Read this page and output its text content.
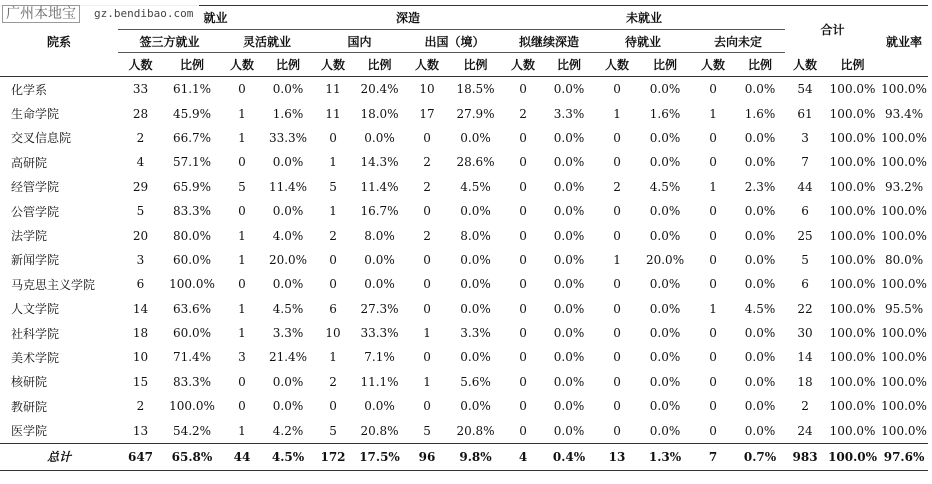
广州本地宝	gz.bendibao.com
院系	就业				深造				未就业						合计		就业率
	签三方就业		灵活就业		国内		出国（境）		拟继续深造		待就业		去向未定				
	人数	比例	人数	比例	人数	比例	人数	比例	人数	比例	人数	比例	人数	比例	人数	比例	
化学系	33	61.1%	0	0.0%	11	20.4%	10	18.5%	0	0.0%	0	0.0%	0	0.0%	54	100.0%	100.0%
生命学院	28	45.9%	1	1.6%	11	18.0%	17	27.9%	2	3.3%	1	1.6%	1	1.6%	61	100.0%	93.4%
交叉信息院	2	66.7%	1	33.3%	0	0.0%	0	0.0%	0	0.0%	0	0.0%	0	0.0%	3	100.0%	100.0%
高研院	4	57.1%	0	0.0%	1	14.3%	2	28.6%	0	0.0%	0	0.0%	0	0.0%	7	100.0%	100.0%
经管学院	29	65.9%	5	11.4%	5	11.4%	2	4.5%	0	0.0%	2	4.5%	1	2.3%	44	100.0%	93.2%
公管学院	5	83.3%	0	0.0%	1	16.7%	0	0.0%	0	0.0%	0	0.0%	0	0.0%	6	100.0%	100.0%
法学院	20	80.0%	1	4.0%	2	8.0%	2	8.0%	0	0.0%	0	0.0%	0	0.0%	25	100.0%	100.0%
新闻学院	3	60.0%	1	20.0%	0	0.0%	0	0.0%	0	0.0%	1	20.0%	0	0.0%	5	100.0%	80.0%
马克思主义学院	6	100.0%	0	0.0%	0	0.0%	0	0.0%	0	0.0%	0	0.0%	0	0.0%	6	100.0%	100.0%
人文学院	14	63.6%	1	4.5%	6	27.3%	0	0.0%	0	0.0%	0	0.0%	1	4.5%	22	100.0%	95.5%
社科学院	18	60.0%	1	3.3%	10	33.3%	1	3.3%	0	0.0%	0	0.0%	0	0.0%	30	100.0%	100.0%
美术学院	10	71.4%	3	21.4%	1	7.1%	0	0.0%	0	0.0%	0	0.0%	0	0.0%	14	100.0%	100.0%
核研院	15	83.3%	0	0.0%	2	11.1%	1	5.6%	0	0.0%	0	0.0%	0	0.0%	18	100.0%	100.0%
教研院	2	100.0%	0	0.0%	0	0.0%	0	0.0%	0	0.0%	0	0.0%	0	0.0%	2	100.0%	100.0%
医学院	13	54.2%	1	4.2%	5	20.8%	5	20.8%	0	0.0%	0	0.0%	0	0.0%	24	100.0%	100.0%
总计	647	65.8%	44	4.5%	172	17.5%	96	9.8%	4	0.4%	13	1.3%	7	0.7%	983	100.0%	97.6%
